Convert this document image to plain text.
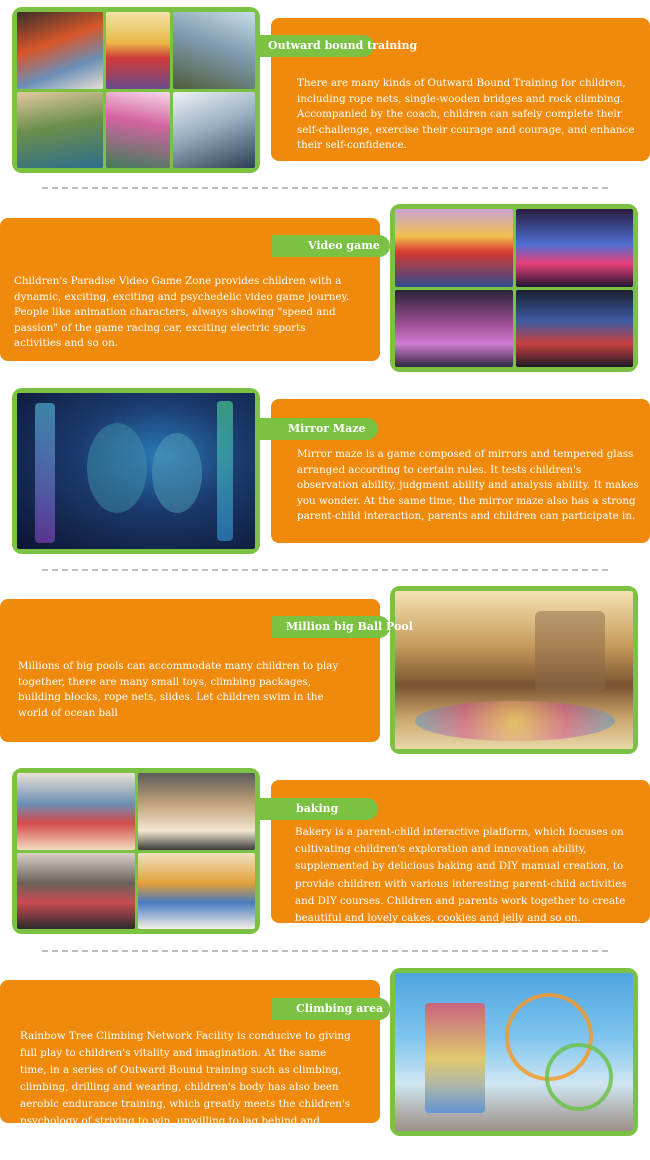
There are many kinds of Outward Bound Training for children, including rope nets, single-wooden bridges and rock climbing. Accompanied by the coach, children can safely complete their self-challenge, exercise their courage and courage, and enhance their self-confidence.
Outward bound training
Children's Paradise Video Game Zone provides children with a dynamic, exciting, exciting and psychedelic video game journey. People like animation characters, always showing "speed and passion" of the game racing car, exciting electric sports activities and so on.
Video game
Mirror maze is a game composed of mirrors and tempered glass arranged according to certain rules. It tests children's observation ability, judgment ability and analysis ability. It makes you wonder. At the same time, the mirror maze also has a strong parent-child interaction, parents and children can participate in.
Mirror Maze
Millions of big pools can accommodate many children to play together, there are many small toys, climbing packages, building blocks, rope nets, slides. Let children swim in the world of ocean ball
Million big Ball Pool
Bakery is a parent-child interactive platform, which focuses on cultivating children's exploration and innovation ability, supplemented by delicious baking and DIY manual creation, to provide children with various interesting parent-child activities and DIY courses. Children and parents work together to create beautiful and lovely cakes, cookies and jelly and so on.
baking
Rainbow Tree Climbing Network Facility is conducive to giving full play to children's vitality and imagination. At the same time, in a series of Outward Bound training such as climbing, climbing, drilling and wearing, children's body has also been aerobic endurance training, which greatly meets the children's psychology of striving to win, unwilling to lag behind and daring to explore.
Climbing area
